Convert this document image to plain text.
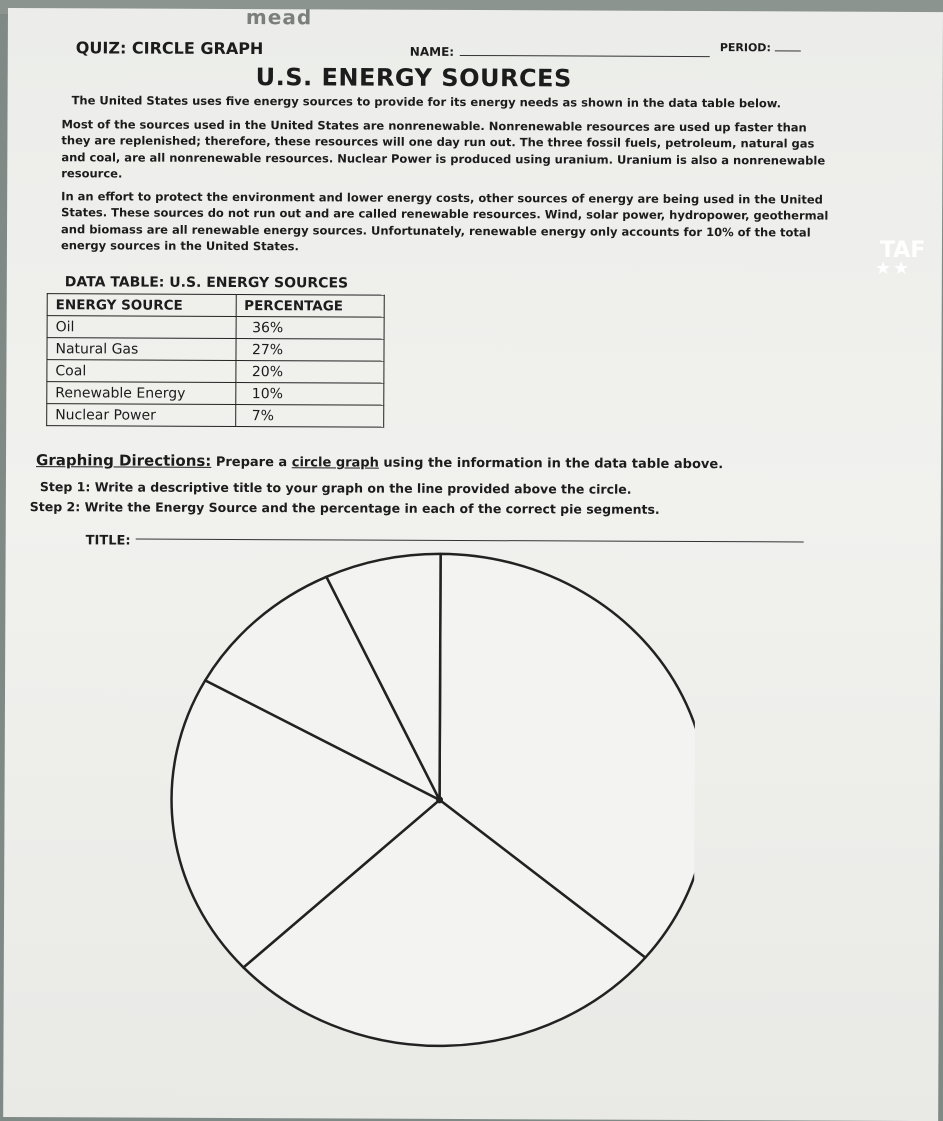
mead
QUIZ: CIRCLE GRAPH	NAME:	PERIOD:
U.S. ENERGY SOURCES
The United States uses five energy sources to provide for its energy needs as shown in the data table below.
Most of the sources used in the United States are nonrenewable. Nonrenewable resources are used up faster than they are replenished; therefore, these resources will one day run out. The three fossil fuels, petroleum, natural gas and coal, are all nonrenewable resources. Nuclear Power is produced using uranium. Uranium is also a nonrenewable resource.
In an effort to protect the environment and lower energy costs, other sources of energy are being used in the United States. These sources do not run out and are called renewable resources. Wind, solar power, hydropower, geothermal and biomass are all renewable energy sources. Unfortunately, renewable energy only accounts for 10% of the total energy sources in the United States.
DATA TABLE: U.S. ENERGY SOURCES
ENERGY SOURCE	PERCENTAGE
Oil	36%
Natural Gas	27%
Coal	20%
Renewable Energy	10%
Nuclear Power	7%
Graphing Directions: Prepare a circle graph using the information in the data table above.
Step 1: Write a descriptive title to your graph on the line provided above the circle.
Step 2: Write the Energy Source and the percentage in each of the correct pie segments.
TITLE:
TAF
★★
